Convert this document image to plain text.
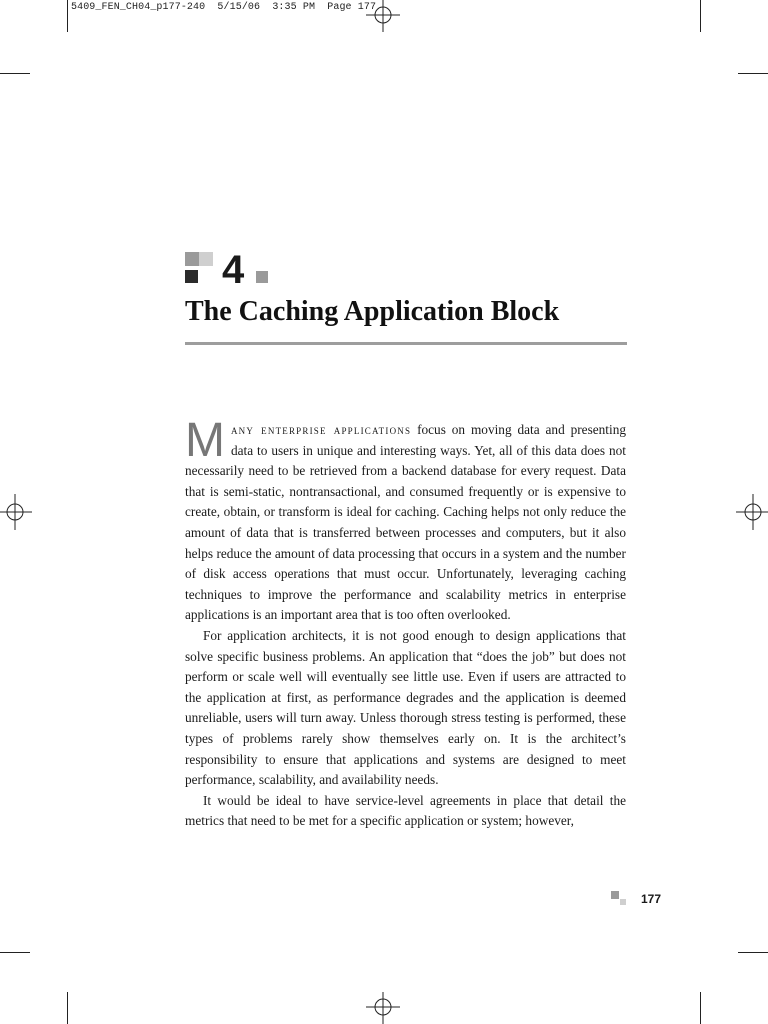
5409_FEN_CH04_p177-240  5/15/06  3:35 PM  Page 177
4
The Caching Application Block

Many enterprise applications focus on moving data and presenting data to users in unique and interesting ways. Yet, all of this data does not necessarily need to be retrieved from a backend database for every request. Data that is semi-static, nontransactional, and consumed frequently or is expensive to create, obtain, or transform is ideal for caching. Caching helps not only reduce the amount of data that is transferred between processes and computers, but it also helps reduce the amount of data processing that occurs in a system and the number of disk access operations that must occur. Unfortunately, leveraging caching techniques to improve the performance and scalability metrics in enterprise applications is an important area that is too often overlooked.

For application architects, it is not good enough to design applications that solve specific business problems. An application that “does the job” but does not perform or scale well will eventually see little use. Even if users are attracted to the application at first, as performance degrades and the application is deemed unreliable, users will turn away. Unless thorough stress testing is performed, these types of problems rarely show themselves early on. It is the architect’s responsibility to ensure that applications and systems are designed to meet performance, scalability, and availability needs.

It would be ideal to have service-level agreements in place that detail the metrics that need to be met for a specific application or system; however,

177
